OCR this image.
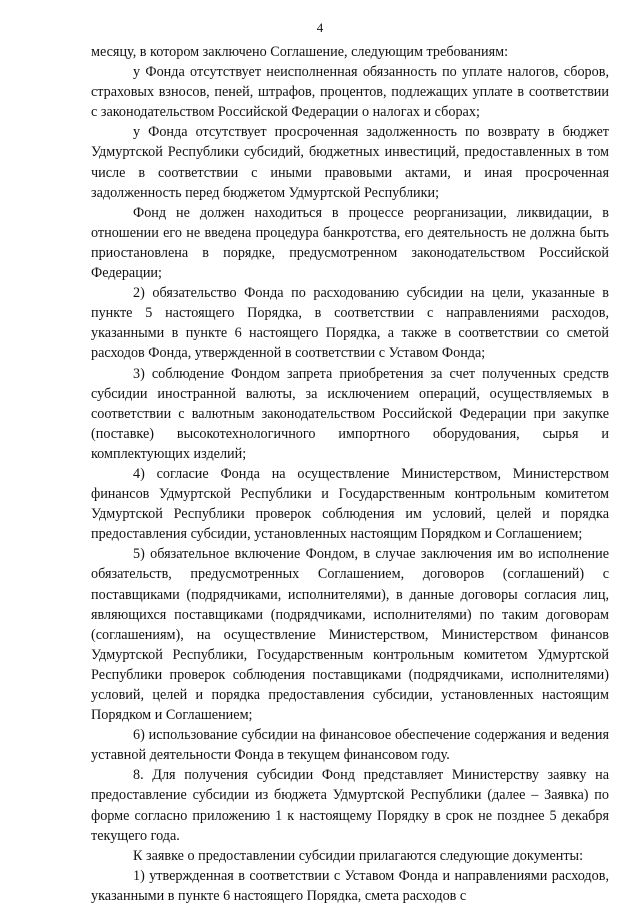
4

месяцу, в котором заключено Соглашение, следующим требованиям:

у Фонда отсутствует неисполненная обязанность по уплате налогов, сборов, страховых взносов, пеней, штрафов, процентов, подлежащих уплате в соответствии с законодательством Российской Федерации о налогах и сборах;

у Фонда отсутствует просроченная задолженность по возврату в бюджет Удмуртской Республики субсидий, бюджетных инвестиций, предоставленных в том числе в соответствии с иными правовыми актами, и иная просроченная задолженность перед бюджетом Удмуртской Республики;

Фонд не должен находиться в процессе реорганизации, ликвидации, в отношении его не введена процедура банкротства, его деятельность не должна быть приостановлена в порядке, предусмотренном законодательством Российской Федерации;

2) обязательство Фонда по расходованию субсидии на цели, указанные в пункте 5 настоящего Порядка, в соответствии с направлениями расходов, указанными в пункте 6 настоящего Порядка, а также в соответствии со сметой расходов Фонда, утвержденной в соответствии с Уставом Фонда;

3) соблюдение Фондом запрета приобретения за счет полученных средств субсидии иностранной валюты, за исключением операций, осуществляемых в соответствии с валютным законодательством Российской Федерации при закупке (поставке) высокотехнологичного импортного оборудования, сырья и комплектующих изделий;

4) согласие Фонда на осуществление Министерством, Министерством финансов Удмуртской Республики и Государственным контрольным комитетом Удмуртской Республики проверок соблюдения им условий, целей и порядка предоставления субсидии, установленных настоящим Порядком и Соглашением;

5) обязательное включение Фондом, в случае заключения им во исполнение обязательств, предусмотренных Соглашением, договоров (соглашений) с поставщиками (подрядчиками, исполнителями), в данные договоры согласия лиц, являющихся поставщиками (подрядчиками, исполнителями) по таким договорам (соглашениям), на осуществление Министерством, Министерством финансов Удмуртской Республики, Государственным контрольным комитетом Удмуртской Республики проверок соблюдения поставщиками (подрядчиками, исполнителями) условий, целей и порядка предоставления субсидии, установленных настоящим Порядком и Соглашением;

6) использование субсидии на финансовое обеспечение содержания и ведения уставной деятельности Фонда в текущем финансовом году.

8. Для получения субсидии Фонд представляет Министерству заявку на предоставление субсидии из бюджета Удмуртской Республики (далее – Заявка) по форме согласно приложению 1 к настоящему Порядку в срок не позднее 5 декабря текущего года.

К заявке о предоставлении субсидии прилагаются следующие документы:

1) утвержденная в соответствии с Уставом Фонда и направлениями расходов, указанными в пункте 6 настоящего Порядка, смета расходов с
